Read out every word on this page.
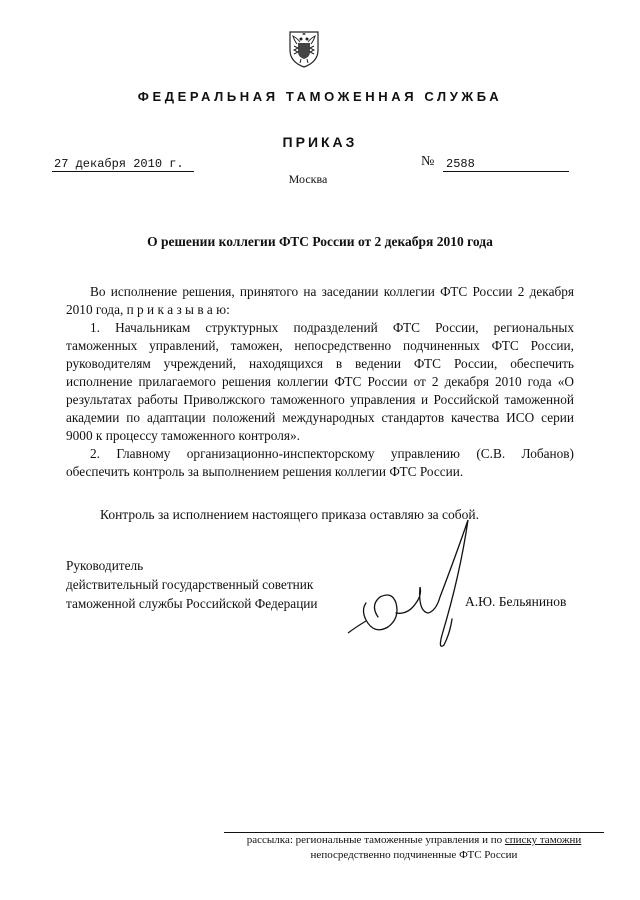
ФЕДЕРАЛЬНАЯ ТАМОЖЕННАЯ СЛУЖБА
ПРИКАЗ
27 декабря 2010 г.	№ 2588
Москва
О решении коллегии ФТС России от 2 декабря 2010 года

Во исполнение решения, принятого на заседании коллегии ФТС России 2 декабря 2010 года, п р и к а з ы в а ю:

1. Начальникам структурных подразделений ФТС России, региональных таможенных управлений, таможен, непосредственно подчиненных ФТС России, руководителям учреждений, находящихся в ведении ФТС России, обеспечить исполнение прилагаемого решения коллегии ФТС России от 2 декабря 2010 года «О результатах работы Приволжского таможенного управления и Российской таможенной академии по адаптации положений международных стандартов качества ИСО серии 9000 к процессу таможенного контроля».

2. Главному организационно-инспекторскому управлению (С.В. Лобанов) обеспечить контроль за выполнением решения коллегии ФТС России.

Контроль за исполнением настоящего приказа оставляю за собой.
Руководитель
действительный государственный советник
таможенной службы Российской Федерации	А.Ю. Бельянинов
рассылка: региональные таможенные управления и по списку таможни
непосредственно подчиненные ФТС России
